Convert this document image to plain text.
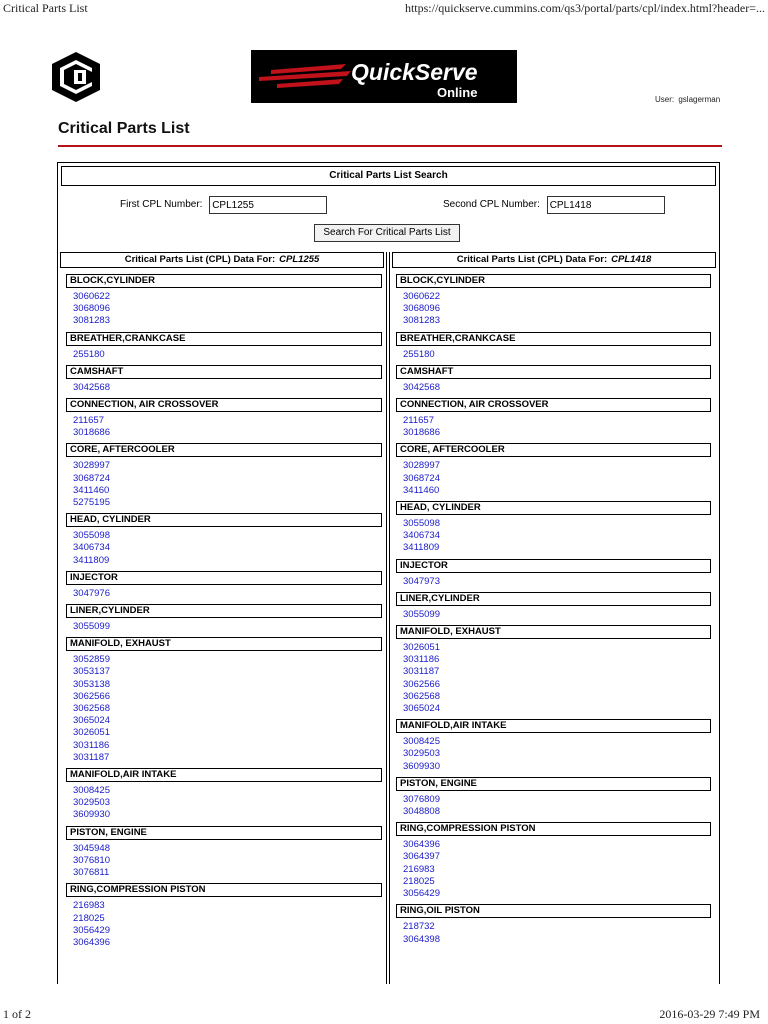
Critical Parts List	https://quickserve.cummins.com/qs3/portal/parts/cpl/index.html?header=...
QuickServe
Online	User: gslagerman
Critical Parts List
Critical Parts List Search
First CPL Number: CPL1255	Second CPL Number: CPL1418
Search For Critical Parts List
Critical Parts List (CPL) Data For: CPL1255
BLOCK,CYLINDER
3060622
3068096
3081283
BREATHER,CRANKCASE
255180
CAMSHAFT
3042568
CONNECTION, AIR CROSSOVER
211657
3018686
CORE, AFTERCOOLER
3028997
3068724
3411460
5275195
HEAD, CYLINDER
3055098
3406734
3411809
INJECTOR
3047976
LINER,CYLINDER
3055099
MANIFOLD, EXHAUST
3052859
3053137
3053138
3062566
3062568
3065024
3026051
3031186
3031187
MANIFOLD,AIR INTAKE
3008425
3029503
3609930
PISTON, ENGINE
3045948
3076810
3076811
RING,COMPRESSION PISTON
216983
218025
3056429
3064396
Critical Parts List (CPL) Data For: CPL1418
BLOCK,CYLINDER
3060622
3068096
3081283
BREATHER,CRANKCASE
255180
CAMSHAFT
3042568
CONNECTION, AIR CROSSOVER
211657
3018686
CORE, AFTERCOOLER
3028997
3068724
3411460
HEAD, CYLINDER
3055098
3406734
3411809
INJECTOR
3047973
LINER,CYLINDER
3055099
MANIFOLD, EXHAUST
3026051
3031186
3031187
3062566
3062568
3065024
MANIFOLD,AIR INTAKE
3008425
3029503
3609930
PISTON, ENGINE
3076809
3048808
RING,COMPRESSION PISTON
3064396
3064397
216983
218025
3056429
RING,OIL PISTON
218732
3064398
1 of 2	2016-03-29 7:49 PM
